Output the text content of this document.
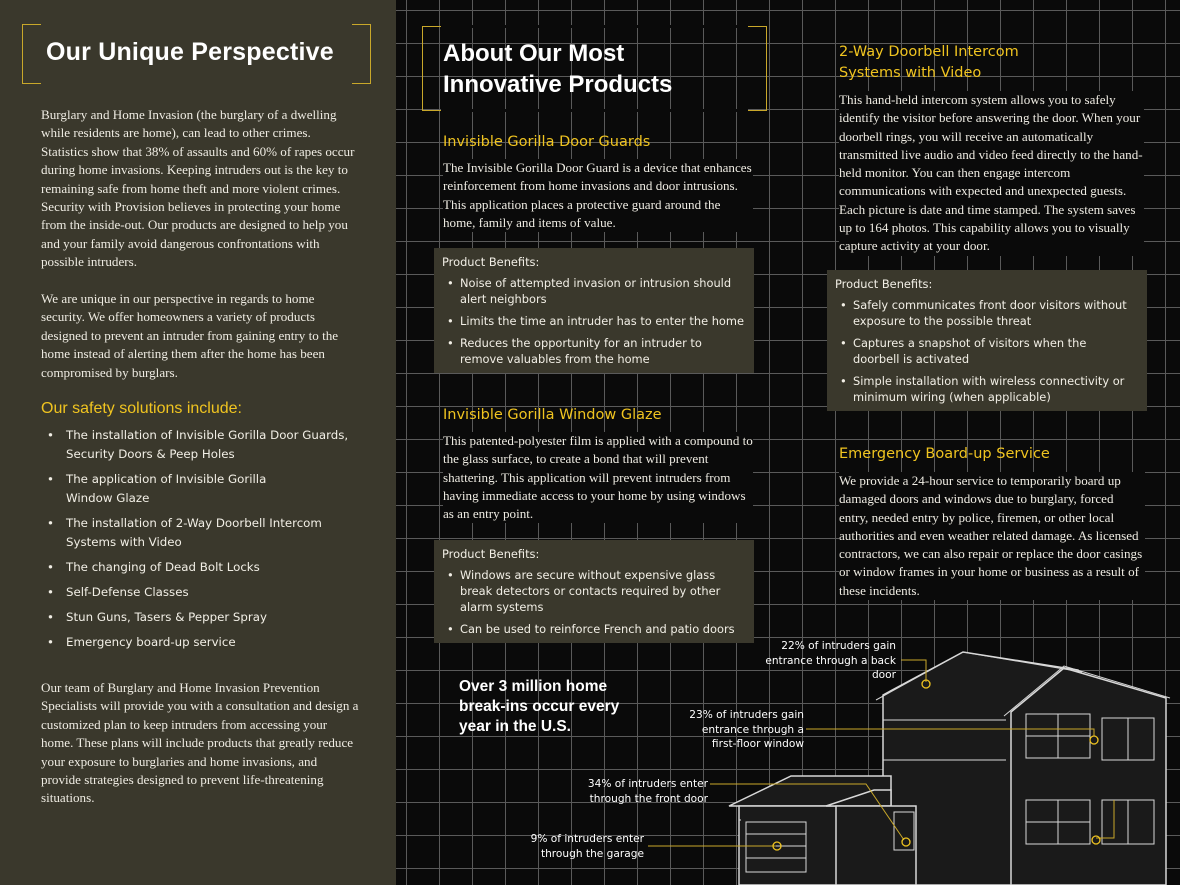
Our Unique Perspective

Burglary and Home Invasion (the burglary of a dwelling while residents are home), can lead to other crimes. Statistics show that 38% of assaults and 60% of rapes occur during home invasions. Keeping intruders out is the key to remaining safe from home theft and more violent crimes. Security with Provision believes in protecting your home from the inside-out. Our products are designed to help you and your family avoid dangerous confrontations with possible intruders.

We are unique in our perspective in regards to home security. We offer homeowners a variety of products designed to prevent an intruder from gaining entry to the home instead of alerting them after the home has been compromised by burglars.

Our safety solutions include:
• The installation of Invisible Gorilla Door Guards, Security Doors & Peep Holes
• The application of Invisible Gorilla Window Glaze
• The installation of 2-Way Doorbell Intercom Systems with Video
• The changing of Dead Bolt Locks
• Self-Defense Classes
• Stun Guns, Tasers & Pepper Spray
• Emergency board-up service

Our team of Burglary and Home Invasion Prevention Specialists will provide you with a consultation and design a customized plan to keep intruders from accessing your home. These plans will include products that greatly reduce your exposure to burglaries and home invasions, and provide strategies designed to prevent life-threatening situations.

About Our Most
Innovative Products
Invisible Gorilla Door Guards
The Invisible Gorilla Door Guard is a device that enhances reinforcement from home invasions and door intrusions. This application places a protective guard around the home, family and items of value.
Product Benefits:
• Noise of attempted invasion or intrusion should alert neighbors
• Limits the time an intruder has to enter the home
• Reduces the opportunity for an intruder to remove valuables from the home
Invisible Gorilla Window Glaze
This patented-polyester film is applied with a compound to the glass surface, to create a bond that will prevent shattering. This application will prevent intruders from having immediate access to your home by using windows as an entry point.
Product Benefits:
• Windows are secure without expensive glass break detectors or contacts required by other alarm systems
• Can be used to reinforce French and patio doors
2-Way Doorbell Intercom
Systems with Video
This hand-held intercom system allows you to safely identify the visitor before answering the door. When your doorbell rings, you will receive an automatically transmitted live audio and video feed directly to the hand-held monitor. You can then engage intercom communications with expected and unexpected guests. Each picture is date and time stamped. The system saves up to 164 photos. This capability allows you to visually capture activity at your door.
Product Benefits:
• Safely communicates front door visitors without exposure to the possible threat
• Captures a snapshot of visitors when the doorbell is activated
• Simple installation with wireless connectivity or minimum wiring (when applicable)
Emergency Board-up Service
We provide a 24-hour service to temporarily board up damaged doors and windows due to burglary, forced entry, needed entry by police, firemen, or other local authorities and even weather related damage. As licensed contractors, we can also repair or replace the door casings or window frames in your home or business as a result of these incidents.
Over 3 million home break-ins occur every year in the U.S.
22% of intruders gain entrance through a back door
23% of intruders gain entrance through a first-floor window
34% of intruders enter through the front door
9% of intruders enter through the garage
